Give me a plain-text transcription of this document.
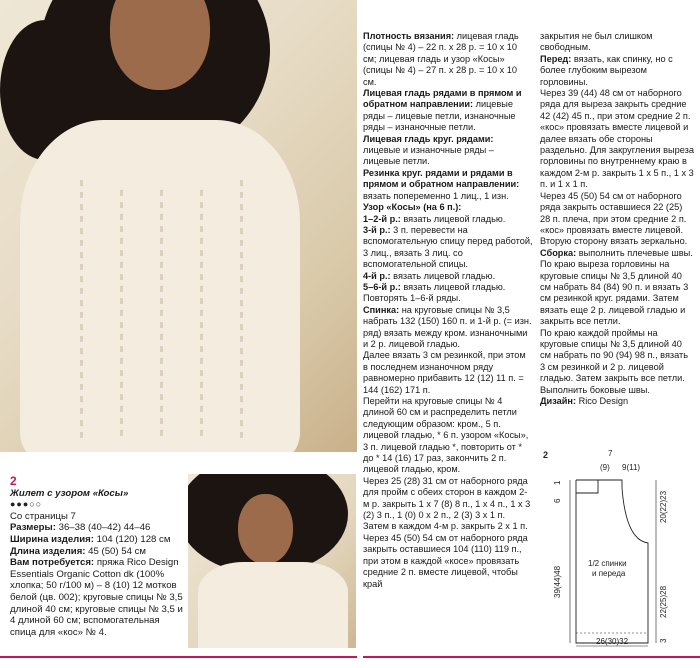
2
Жилет с узором «Косы»
●●●○○
Со страницы 7
Размеры: 36–38 (40–42) 44–46
Ширина изделия: 104 (120) 128 см
Длина изделия: 45 (50) 54 см
Вам потребуется: пряжа Rico Design Essentials Organic Cotton dk (100% хлопка; 50 г/100 м) – 8 (10) 12 мотков белой (цв. 002); круговые спицы № 3,5 длиной 40 см; круговые спицы № 3,5 и 4 длиной 60 см; вспомогательная спица для «кос» № 4.

Плотность вязания: лицевая гладь (спицы № 4) – 22 п. х 28 р. = 10 х 10 см; лицевая гладь и узор «Косы» (спицы № 4) – 27 п. х 28 р. = 10 х 10 см.

Лицевая гладь рядами в прямом и обратном направлении: лицевые ряды – лицевые петли, изнаночные ряды – изнаночные петли.

Лицевая гладь круг. рядами: лицевые и изнаночные ряды – лицевые петли.

Резинка круг. рядами и рядами в прямом и обратном направлении: вязать попеременно 1 лиц., 1 изн.

Узор «Косы» (на 6 п.):

1–2-й р.: вязать лицевой гладью.

3-й р.: 3 п. перевести на вспомогательную спицу перед работой, 3 лиц., вязать 3 лиц. со вспомогательной спицы.

4-й р.: вязать лицевой гладью.

5–6-й р.: вязать лицевой гладью. Повторять 1–6-й ряды.

Спинка: на круговые спицы № 3,5 набрать 132 (150) 160 п. и 1-й р. (= изн. ряд) вязать между кром. изнаночными и 2 р. лицевой гладью.

Далее вязать 3 см резинкой, при этом в последнем изнаночном ряду равномерно прибавить 12 (12) 11 п. = 144 (162) 171 п.

Перейти на круговые спицы № 4 длиной 60 см и распределить петли следующим образом: кром., 5 п. лицевой гладью, * 6 п. узором «Косы», 3 п. лицевой гладью *, повторить от * до * 14 (16) 17 раз, закончить 2 п. лицевой гладью, кром.

Через 25 (28) 31 см от наборного ряда для пройм с обеих сторон в каждом 2-м р. закрыть 1 х 7 (8) 8 п., 1 х 4 п., 1 х 3 (2) 3 п., 1 (0) 0 х 2 п., 2 (3) 3 х 1 п. Затем в каждом 4-м р. закрыть 2 х 1 п.

Через 45 (50) 54 см от наборного ряда закрыть оставшиеся 104 (110) 119 п., при этом в каждой «косе» провязать средние 2 п. вместе лицевой, чтобы край

закрытия не был слишком свободным.

Перед: вязать, как спинку, но с более глубоким вырезом горловины.

Через 39 (44) 48 см от наборного ряда для выреза закрыть средние 42 (42) 45 п., при этом средние 2 п. «кос» провязать вместе лицевой и далее вязать обе стороны раздельно. Для закругления выреза горловины по внутреннему краю в каждом 2-м р. закрыть 1 х 5 п., 1 х 3 п. и 1 х 1 п.

Через 45 (50) 54 см от наборного ряда закрыть оставшиеся 22 (25) 28 п. плеча, при этом средние 2 п. «кос» провязать вместе лицевой.

Вторую сторону вязать зеркально.

Сборка: выполнить плечевые швы. По краю выреза горловины на круговые спицы № 3,5 длиной 40 см набрать 84 (84) 90 п. и вязать 3 см резинкой круг. рядами. Затем вязать еще 2 р. лицевой гладью и закрыть все петли.

По краю каждой проймы на круговые спицы № 3,5 длиной 40 см набрать по 90 (94) 98 п., вязать 3 см резинкой и 2 р. лицевой гладью. Затем закрыть все петли.

Выполнить боковые швы.

Дизайн: Rico Design

2	7
(9) 9(11)
6
1
39(44)48
20(22)23
22(25)28
3
1/2 спинки
и переда
26(30)32
